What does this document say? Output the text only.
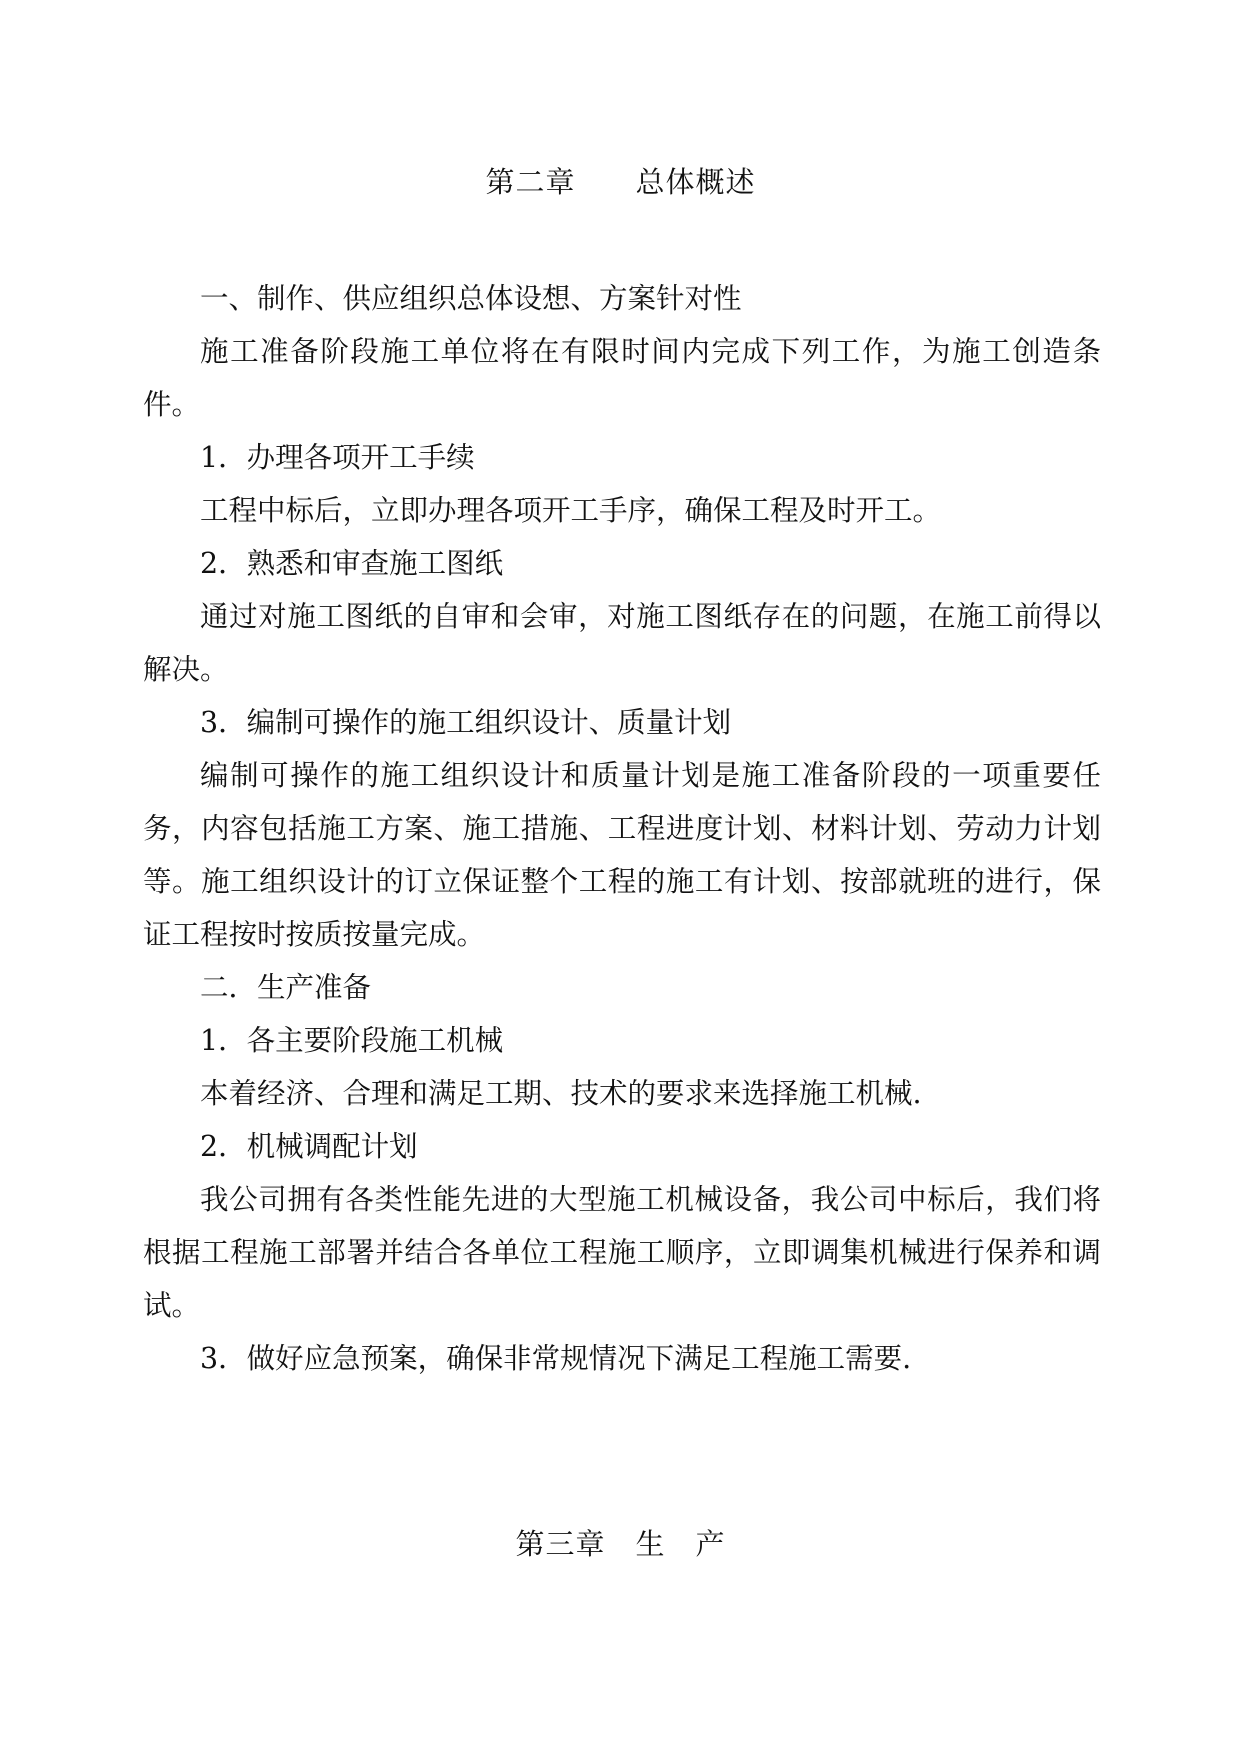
第二章　　总体概述

一、制作、供应组织总体设想、方案针对性

施工准备阶段施工单位将在有限时间内完成下列工作，为施工创造条件。

1．办理各项开工手续

工程中标后，立即办理各项开工手序，确保工程及时开工。

2．熟悉和审查施工图纸

通过对施工图纸的自审和会审，对施工图纸存在的问题，在施工前得以解决。

3．编制可操作的施工组织设计、质量计划

编制可操作的施工组织设计和质量计划是施工准备阶段的一项重要任务，内容包括施工方案、施工措施、工程进度计划、材料计划、劳动力计划等。施工组织设计的订立保证整个工程的施工有计划、按部就班的进行，保证工程按时按质按量完成。

二．生产准备

1．各主要阶段施工机械

本着经济、合理和满足工期、技术的要求来选择施工机械.

2．机械调配计划

我公司拥有各类性能先进的大型施工机械设备，我公司中标后，我们将根据工程施工部署并结合各单位工程施工顺序，立即调集机械进行保养和调试。

3．做好应急预案，确保非常规情况下满足工程施工需要.

第三章　生　产
